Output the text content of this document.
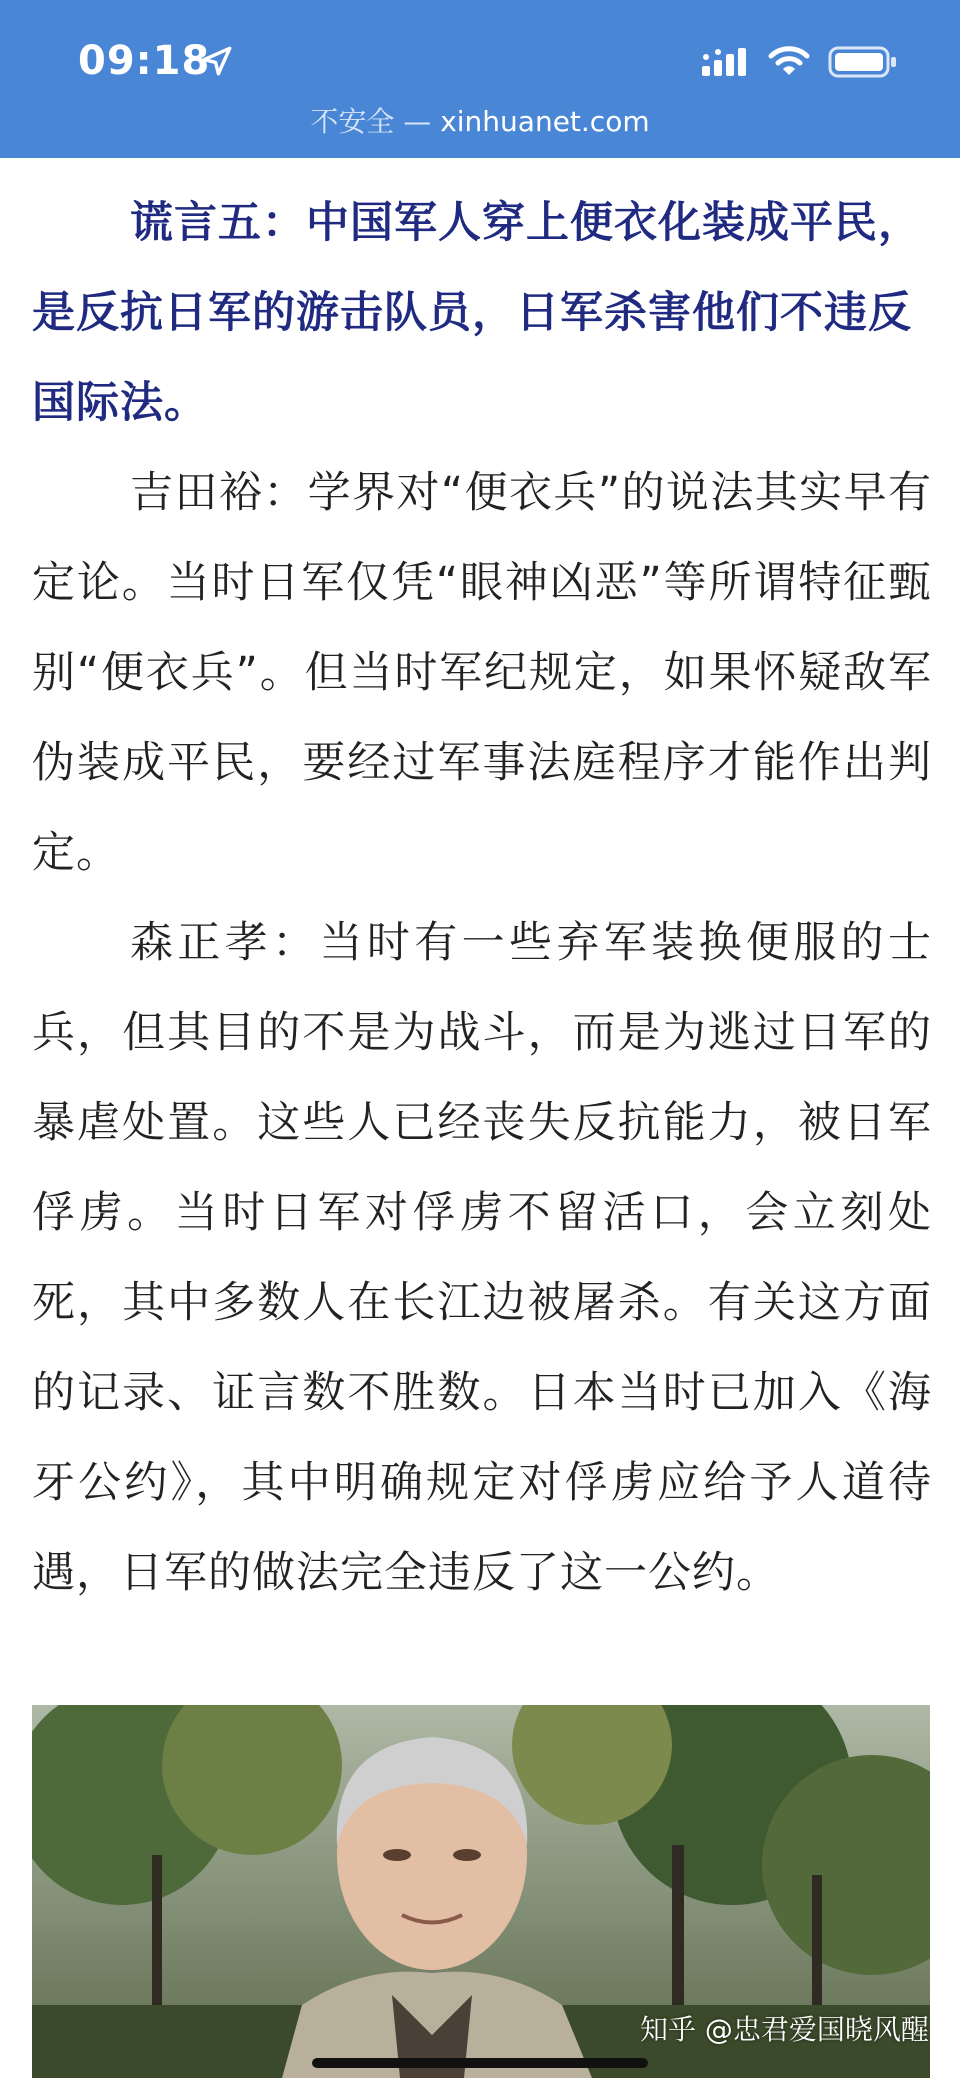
09:18
不安全 — xinhuanet.com

谎言五：中国军人穿上便衣化装成平民，是反抗日军的游击队员，日军杀害他们不违反国际法。

吉田裕：学界对“便衣兵”的说法其实早有定论。当时日军仅凭“眼神凶恶”等所谓特征甄别“便衣兵”。但当时军纪规定，如果怀疑敌军伪装成平民，要经过军事法庭程序才能作出判定。

森正孝：当时有一些弃军装换便服的士兵，但其目的不是为战斗，而是为逃过日军的暴虐处置。这些人已经丧失反抗能力，被日军俘虏。当时日军对俘虏不留活口，会立刻处死，其中多数人在长江边被屠杀。有关这方面的记录、证言数不胜数。日本当时已加入《海牙公约》，其中明确规定对俘虏应给予人道待遇，日军的做法完全违反了这一公约。

知乎 @忠君爱国晓风醒
